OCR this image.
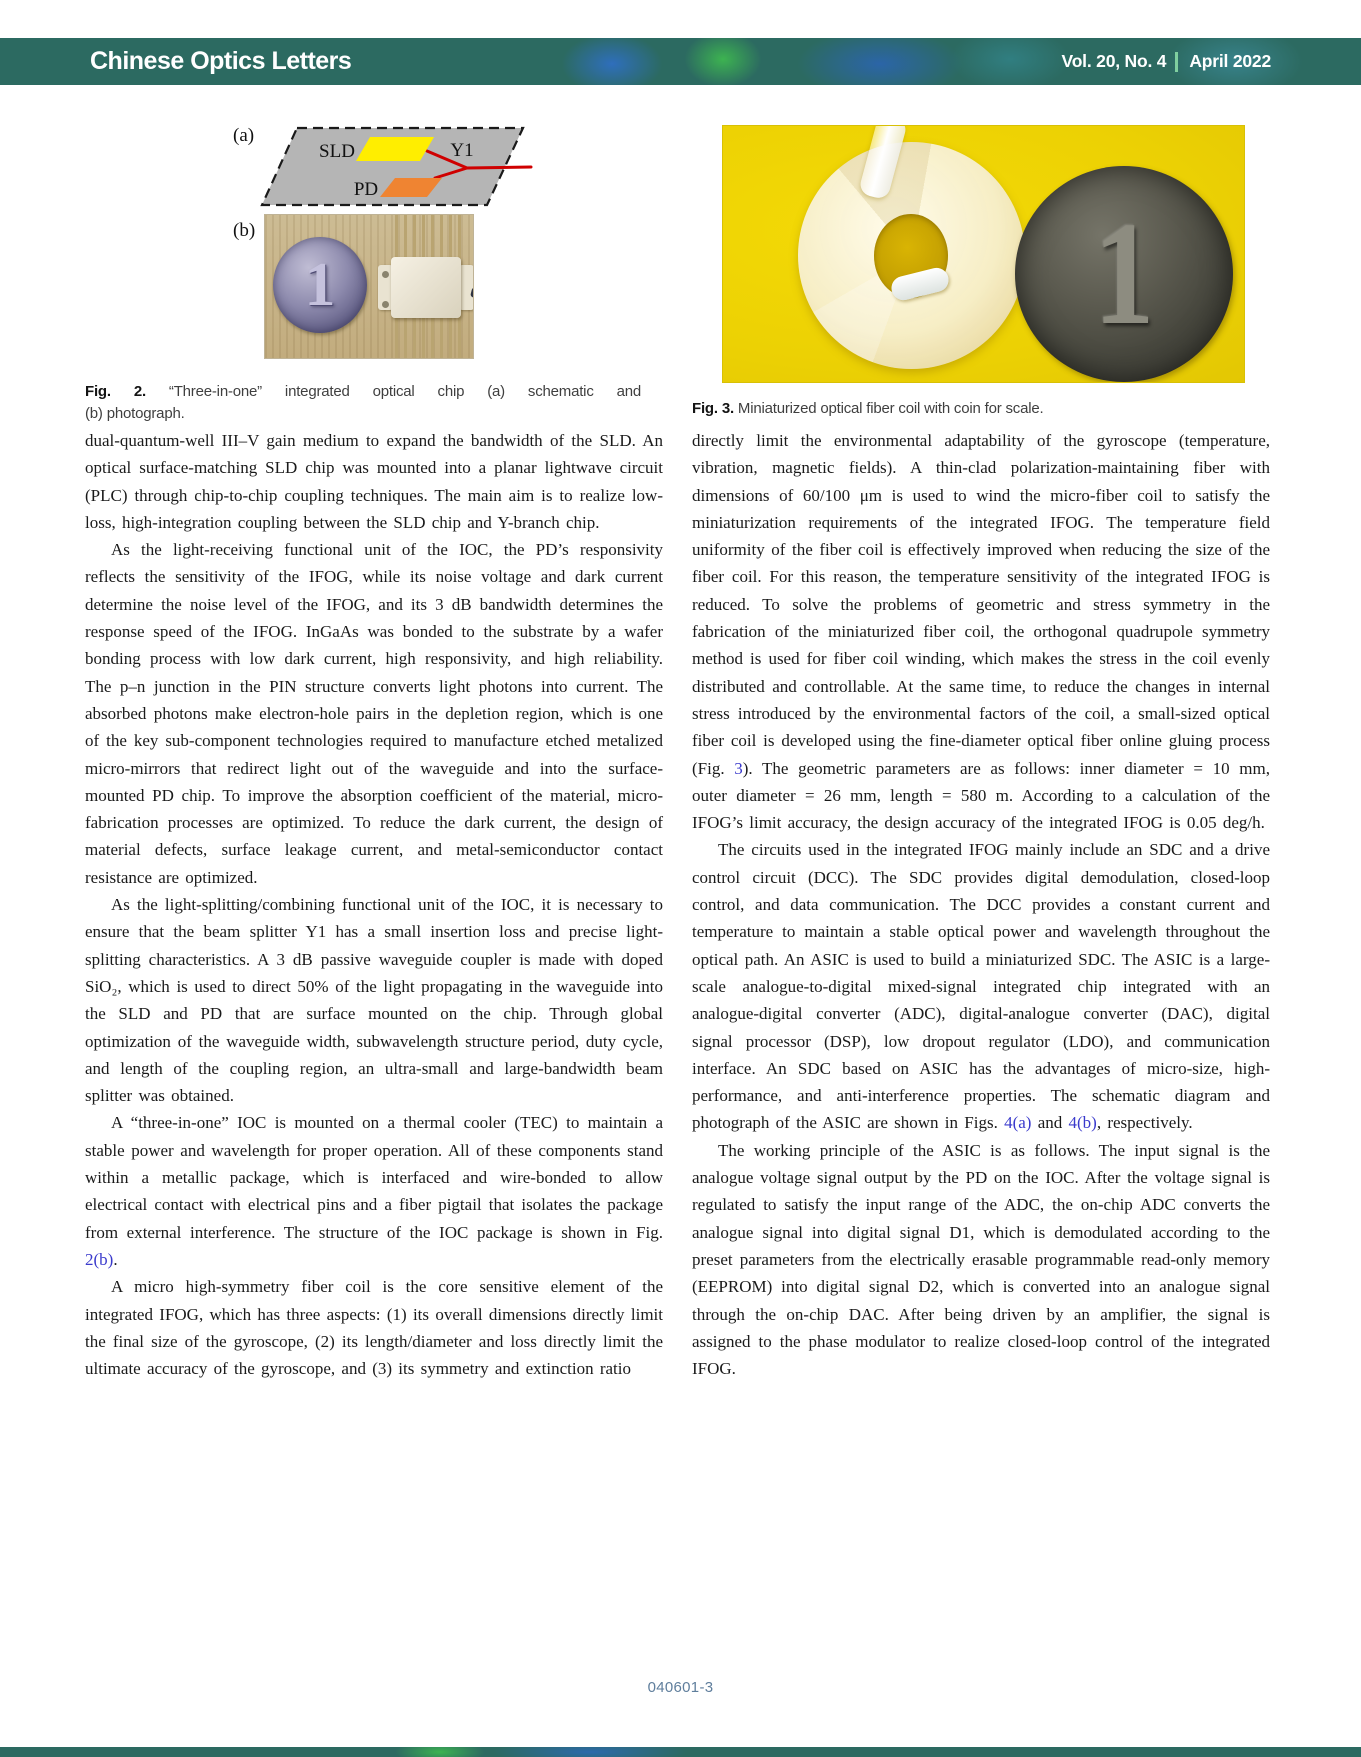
Chinese Optics Letters	Vol. 20, No. 4 April 2022
(a)
SLD
PD
Y1
(b)
1
Fig. 2. “Three-in-one” integrated optical chip (a) schematic and
(b) photograph.
1
Fig. 3. Miniaturized optical fiber coil with coin for scale.

dual-quantum-well III–V gain medium to expand the bandwidth of the SLD. An optical surface-matching SLD chip was mounted into a planar lightwave circuit (PLC) through chip-to-chip coupling techniques. The main aim is to realize low-loss, high-integration coupling between the SLD chip and Y-branch chip.

As the light-receiving functional unit of the IOC, the PD’s responsivity reflects the sensitivity of the IFOG, while its noise voltage and dark current determine the noise level of the IFOG, and its 3 dB bandwidth determines the response speed of the IFOG. InGaAs was bonded to the substrate by a wafer bonding process with low dark current, high responsivity, and high reliability. The p–n junction in the PIN structure converts light photons into current. The absorbed photons make electron-hole pairs in the depletion region, which is one of the key sub-component technologies required to manufacture etched metalized micro-mirrors that redirect light out of the waveguide and into the surface-mounted PD chip. To improve the absorption coefficient of the material, micro-fabrication processes are optimized. To reduce the dark current, the design of material defects, surface leakage current, and metal-semiconductor contact resistance are optimized.

As the light-splitting/combining functional unit of the IOC, it is necessary to ensure that the beam splitter Y1 has a small insertion loss and precise light-splitting characteristics. A 3 dB passive waveguide coupler is made with doped SiO₂, which is used to direct 50% of the light propagating in the waveguide into the SLD and PD that are surface mounted on the chip. Through global optimization of the waveguide width, subwavelength structure period, duty cycle, and length of the coupling region, an ultra-small and large-bandwidth beam splitter was obtained.

A “three-in-one” IOC is mounted on a thermal cooler (TEC) to maintain a stable power and wavelength for proper operation. All of these components stand within a metallic package, which is interfaced and wire-bonded to allow electrical contact with electrical pins and a fiber pigtail that isolates the package from external interference. The structure of the IOC package is shown in Fig. 2(b).

A micro high-symmetry fiber coil is the core sensitive element of the integrated IFOG, which has three aspects: (1) its overall dimensions directly limit the final size of the gyroscope, (2) its length/diameter and loss directly limit the ultimate accuracy of the gyroscope, and (3) its symmetry and extinction ratio

directly limit the environmental adaptability of the gyroscope (temperature, vibration, magnetic fields). A thin-clad polarization-maintaining fiber with dimensions of 60/100 μm is used to wind the micro-fiber coil to satisfy the miniaturization requirements of the integrated IFOG. The temperature field uniformity of the fiber coil is effectively improved when reducing the size of the fiber coil. For this reason, the temperature sensitivity of the integrated IFOG is reduced. To solve the problems of geometric and stress symmetry in the fabrication of the miniaturized fiber coil, the orthogonal quadrupole symmetry method is used for fiber coil winding, which makes the stress in the coil evenly distributed and controllable. At the same time, to reduce the changes in internal stress introduced by the environmental factors of the coil, a small-sized optical fiber coil is developed using the fine-diameter optical fiber online gluing process (Fig. 3). The geometric parameters are as follows: inner diameter = 10 mm, outer diameter = 26 mm, length = 580 m. According to a calculation of the IFOG’s limit accuracy, the design accuracy of the integrated IFOG is 0.05 deg/h.

The circuits used in the integrated IFOG mainly include an SDC and a drive control circuit (DCC). The SDC provides digital demodulation, closed-loop control, and data communication. The DCC provides a constant current and temperature to maintain a stable optical power and wavelength throughout the optical path. An ASIC is used to build a miniaturized SDC. The ASIC is a large-scale analogue-to-digital mixed-signal integrated chip integrated with an analogue-digital converter (ADC), digital-analogue converter (DAC), digital signal processor (DSP), low dropout regulator (LDO), and communication interface. An SDC based on ASIC has the advantages of micro-size, high-performance, and anti-interference properties. The schematic diagram and photograph of the ASIC are shown in Figs. 4(a) and 4(b), respectively.

The working principle of the ASIC is as follows. The input signal is the analogue voltage signal output by the PD on the IOC. After the voltage signal is regulated to satisfy the input range of the ADC, the on-chip ADC converts the analogue signal into digital signal D1, which is demodulated according to the preset parameters from the electrically erasable programmable read-only memory (EEPROM) into digital signal D2, which is converted into an analogue signal through the on-chip DAC. After being driven by an amplifier, the signal is assigned to the phase modulator to realize closed-loop control of the integrated IFOG.

040601-3
